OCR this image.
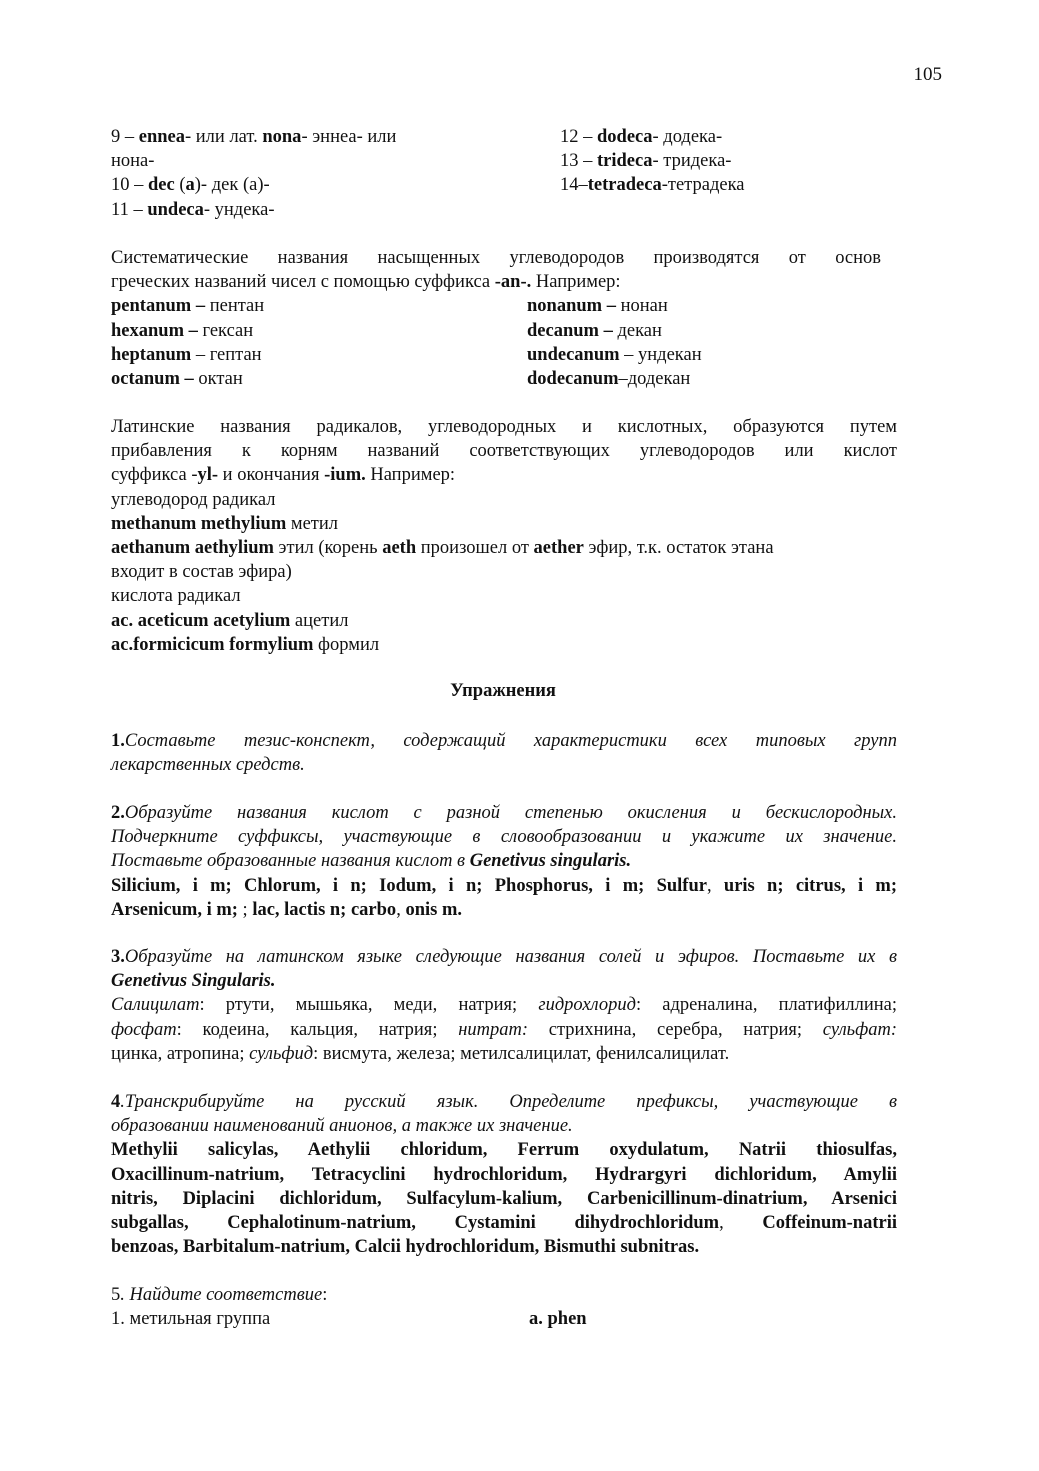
105
9 – ennea- или лат. nona- эннеа- или
нона-
10 – dec (a)- дек (а)-
11 – undeca- ундека-
12 – dodeca- додека-
13 – trideca- тридека-
14–tetradeca-тетрадека
Систематические названия насыщенных углеводородов производятся от основ
греческих названий чисел с помощью суффикса -an-. Например:
pentanum – пентан
hexanum – гексан
heptanum – гептан
octanum – октан
nonanum – нонан
decanum – декан
undecanum – ундекан
dodecanum–додекан
Латинские названия радикалов, углеводородных и кислотных, образуются путем
прибавления к корням названий соответствующих углеводородов или кислот
суффикса -yl- и окончания -ium. Например:
углеводород радикал
methanum methylium метил
aethanum aethylium этил (корень aeth произошел от aether эфир, т.к. остаток этана
входит в состав эфира)
кислота радикал
ac. aceticum acetylium ацетил
ac.formicicum formylium формил
Упражнения
1.Составьте тезис-конспект, содержащий характеристики всех типовых групп
лекарственных средств.
2.Образуйте названия кислот с разной степенью окисления и бескислородных.
Подчеркните суффиксы, участвующие в словообразовании и укажите их значение.
Поставьте образованные названия кислот в Genetivus singularis.
Silicium, i m; Chlorum, i n; Iodum, i n; Phosphorus, i m; Sulfur, uris n; citrus, i m;
Arsenicum, i m; ; lac, lactis n; carbo, onis m.
3.Образуйте на латинском языке следующие названия солей и эфиров. Поставьте их в
Genetivus Singularis.
Салицилат: ртути, мышьяка, меди, натрия; гидрохлорид: адреналина, платифиллина;
фосфат: кодеина, кальция, натрия; нитрат: стрихнина, серебра, натрия; сульфат:
цинка, атропина; сульфид: висмута, железа; метилсалицилат, фенилсалицилат.
4.Транскрибируйте на русский язык. Определите префиксы, участвующие в
образовании наименований анионов, а также их значение.
Methylii salicylas, Aethylii chloridum, Ferrum oxydulatum, Natrii thiosulfas,
Oxacillinum-natrium, Tetracyclini hydrochloridum, Hydrargyri dichloridum, Amylii
nitris, Diplacini dichloridum, Sulfacylum-kalium, Carbenicillinum-dinatrium, Arsenici
subgallas, Cephalotinum-natrium, Cystamini dihydrochloridum, Coffeinum-natrii
benzoas, Barbitalum-natrium, Calcii hydrochloridum, Bismuthi subnitras.
5. Найдите соответствие:
1. метильная группа	a. phen
